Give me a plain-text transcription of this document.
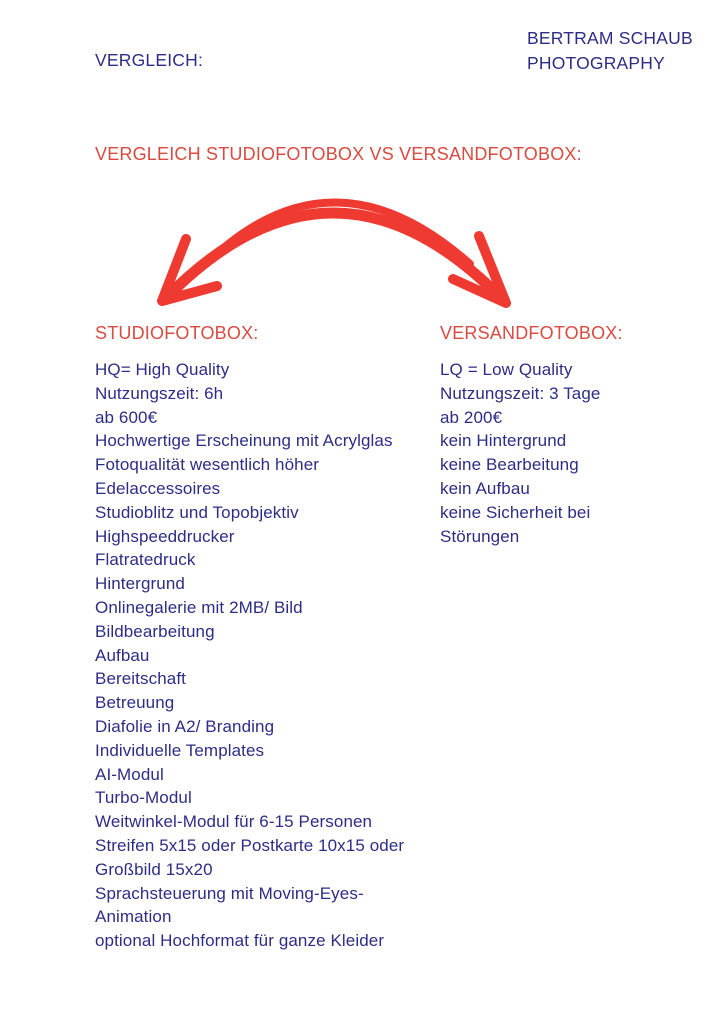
VERGLEICH:
BERTRAM SCHAUB
PHOTOGRAPHY
VERGLEICH STUDIOFOTOBOX VS VERSANDFOTOBOX:
STUDIOFOTOBOX:	VERSANDFOTOBOX:
HQ= High Quality
Nutzungszeit: 6h
ab 600€
Hochwertige Erscheinung mit Acrylglas
Fotoqualität wesentlich höher
Edelaccessoires
Studioblitz und Topobjektiv
Highspeeddrucker
Flatratedruck
Hintergrund
Onlinegalerie mit 2MB/ Bild
Bildbearbeitung
Aufbau
Bereitschaft
Betreuung
Diafolie in A2/ Branding
Individuelle Templates
AI-Modul
Turbo-Modul
Weitwinkel-Modul für 6-15 Personen
Streifen 5x15 oder Postkarte 10x15 oder
Großbild 15x20
Sprachsteuerung mit Moving-Eyes-
Animation
optional Hochformat für ganze Kleider
LQ = Low Quality
Nutzungszeit: 3 Tage
ab 200€
kein Hintergrund
keine Bearbeitung
kein Aufbau
keine Sicherheit bei
Störungen
